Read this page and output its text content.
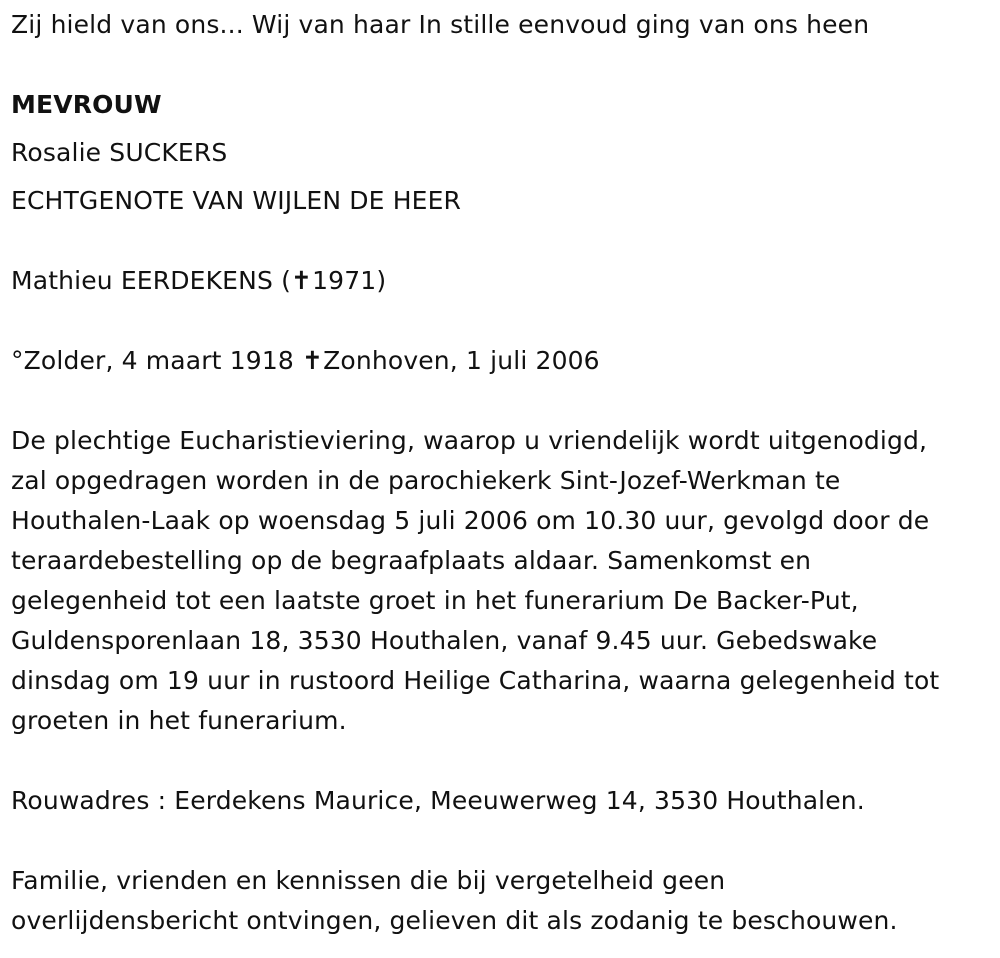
Zij hield van ons... Wij van haar In stille eenvoud ging van ons heen
MEVROUW
Rosalie SUCKERS
ECHTGENOTE VAN WIJLEN DE HEER
Mathieu EERDEKENS (✝1971)
°Zolder, 4 maart 1918 ✝Zonhoven, 1 juli 2006
De plechtige Eucharistieviering, waarop u vriendelijk wordt uitgenodigd,
zal opgedragen worden in de parochiekerk Sint-Jozef-Werkman te
Houthalen-Laak op woensdag 5 juli 2006 om 10.30 uur, gevolgd door de
teraardebestelling op de begraafplaats aldaar. Samenkomst en
gelegenheid tot een laatste groet in het funerarium De Backer-Put,
Guldensporenlaan 18, 3530 Houthalen, vanaf 9.45 uur. Gebedswake
dinsdag om 19 uur in rustoord Heilige Catharina, waarna gelegenheid tot
groeten in het funerarium.
Rouwadres : Eerdekens Maurice, Meeuwerweg 14, 3530 Houthalen.
Familie, vrienden en kennissen die bij vergetelheid geen
overlijdensbericht ontvingen, gelieven dit als zodanig te beschouwen.
